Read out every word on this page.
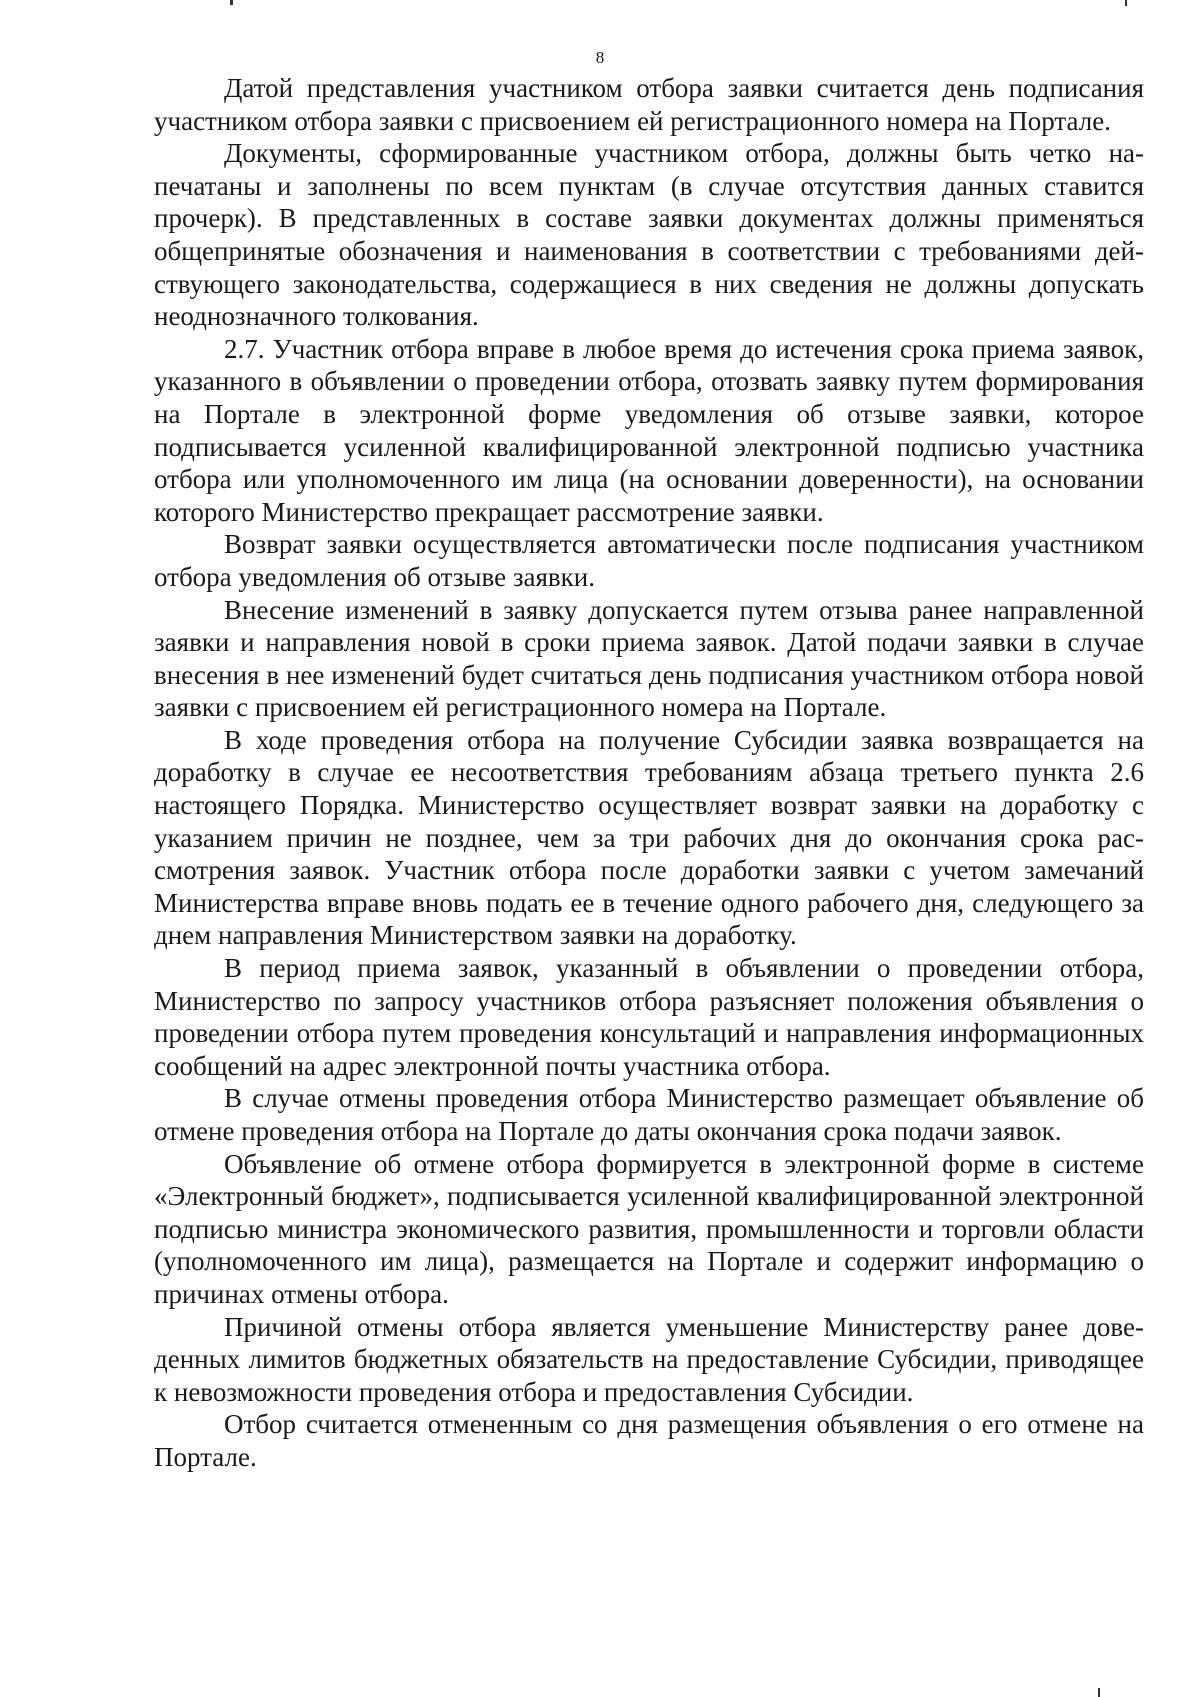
8

Датой представления участником отбора заявки считается день подписания участником отбора заявки с присвоением ей регистрационного номера на Портале.

Документы, сформированные участником отбора, должны быть четко напечатаны и заполнены по всем пунктам (в случае отсутствия данных ставится прочерк). В представленных в составе заявки документах должны применяться общепринятые обозначения и наименования в соответствии с требованиями действующего законодательства, содержащиеся в них сведения не должны допускать неоднозначного толкования.

2.7. Участник отбора вправе в любое время до истечения срока приема заявок, указанного в объявлении о проведении отбора, отозвать заявку путем формирования на Портале в электронной форме уведомления об отзыве заявки, которое подписывается усиленной квалифицированной электронной подписью участника отбора или уполномоченного им лица (на основании доверенности), на основании которого Министерство прекращает рассмотрение заявки.

Возврат заявки осуществляется автоматически после подписания участником отбора уведомления об отзыве заявки.

Внесение изменений в заявку допускается путем отзыва ранее направленной заявки и направления новой в сроки приема заявок. Датой подачи заявки в случае внесения в нее изменений будет считаться день подписания участником отбора новой заявки с присвоением ей регистрационного номера на Портале.

В ходе проведения отбора на получение Субсидии заявка возвращается на доработку в случае ее несоответствия требованиям абзаца третьего пункта 2.6 настоящего Порядка. Министерство осуществляет возврат заявки на доработку с указанием причин не позднее, чем за три рабочих дня до окончания срока рассмотрения заявок. Участник отбора после доработки заявки с учетом замечаний Министерства вправе вновь подать ее в течение одного рабочего дня, следующего за днем направления Министерством заявки на доработку.

В период приема заявок, указанный в объявлении о проведении отбора, Министерство по запросу участников отбора разъясняет положения объявления о проведении отбора путем проведения консультаций и направления информационных сообщений на адрес электронной почты участника отбора.

В случае отмены проведения отбора Министерство размещает объявление об отмене проведения отбора на Портале до даты окончания срока подачи заявок.

Объявление об отмене отбора формируется в электронной форме в системе «Электронный бюджет», подписывается усиленной квалифицированной электронной подписью министра экономического развития, промышленности и торговли области (уполномоченного им лица), размещается на Портале и содержит информацию о причинах отмены отбора.

Причиной отмены отбора является уменьшение Министерству ранее доведенных лимитов бюджетных обязательств на предоставление Субсидии, приводящее к невозможности проведения отбора и предоставления Субсидии.

Отбор считается отмененным со дня размещения объявления о его отмене на Портале.
